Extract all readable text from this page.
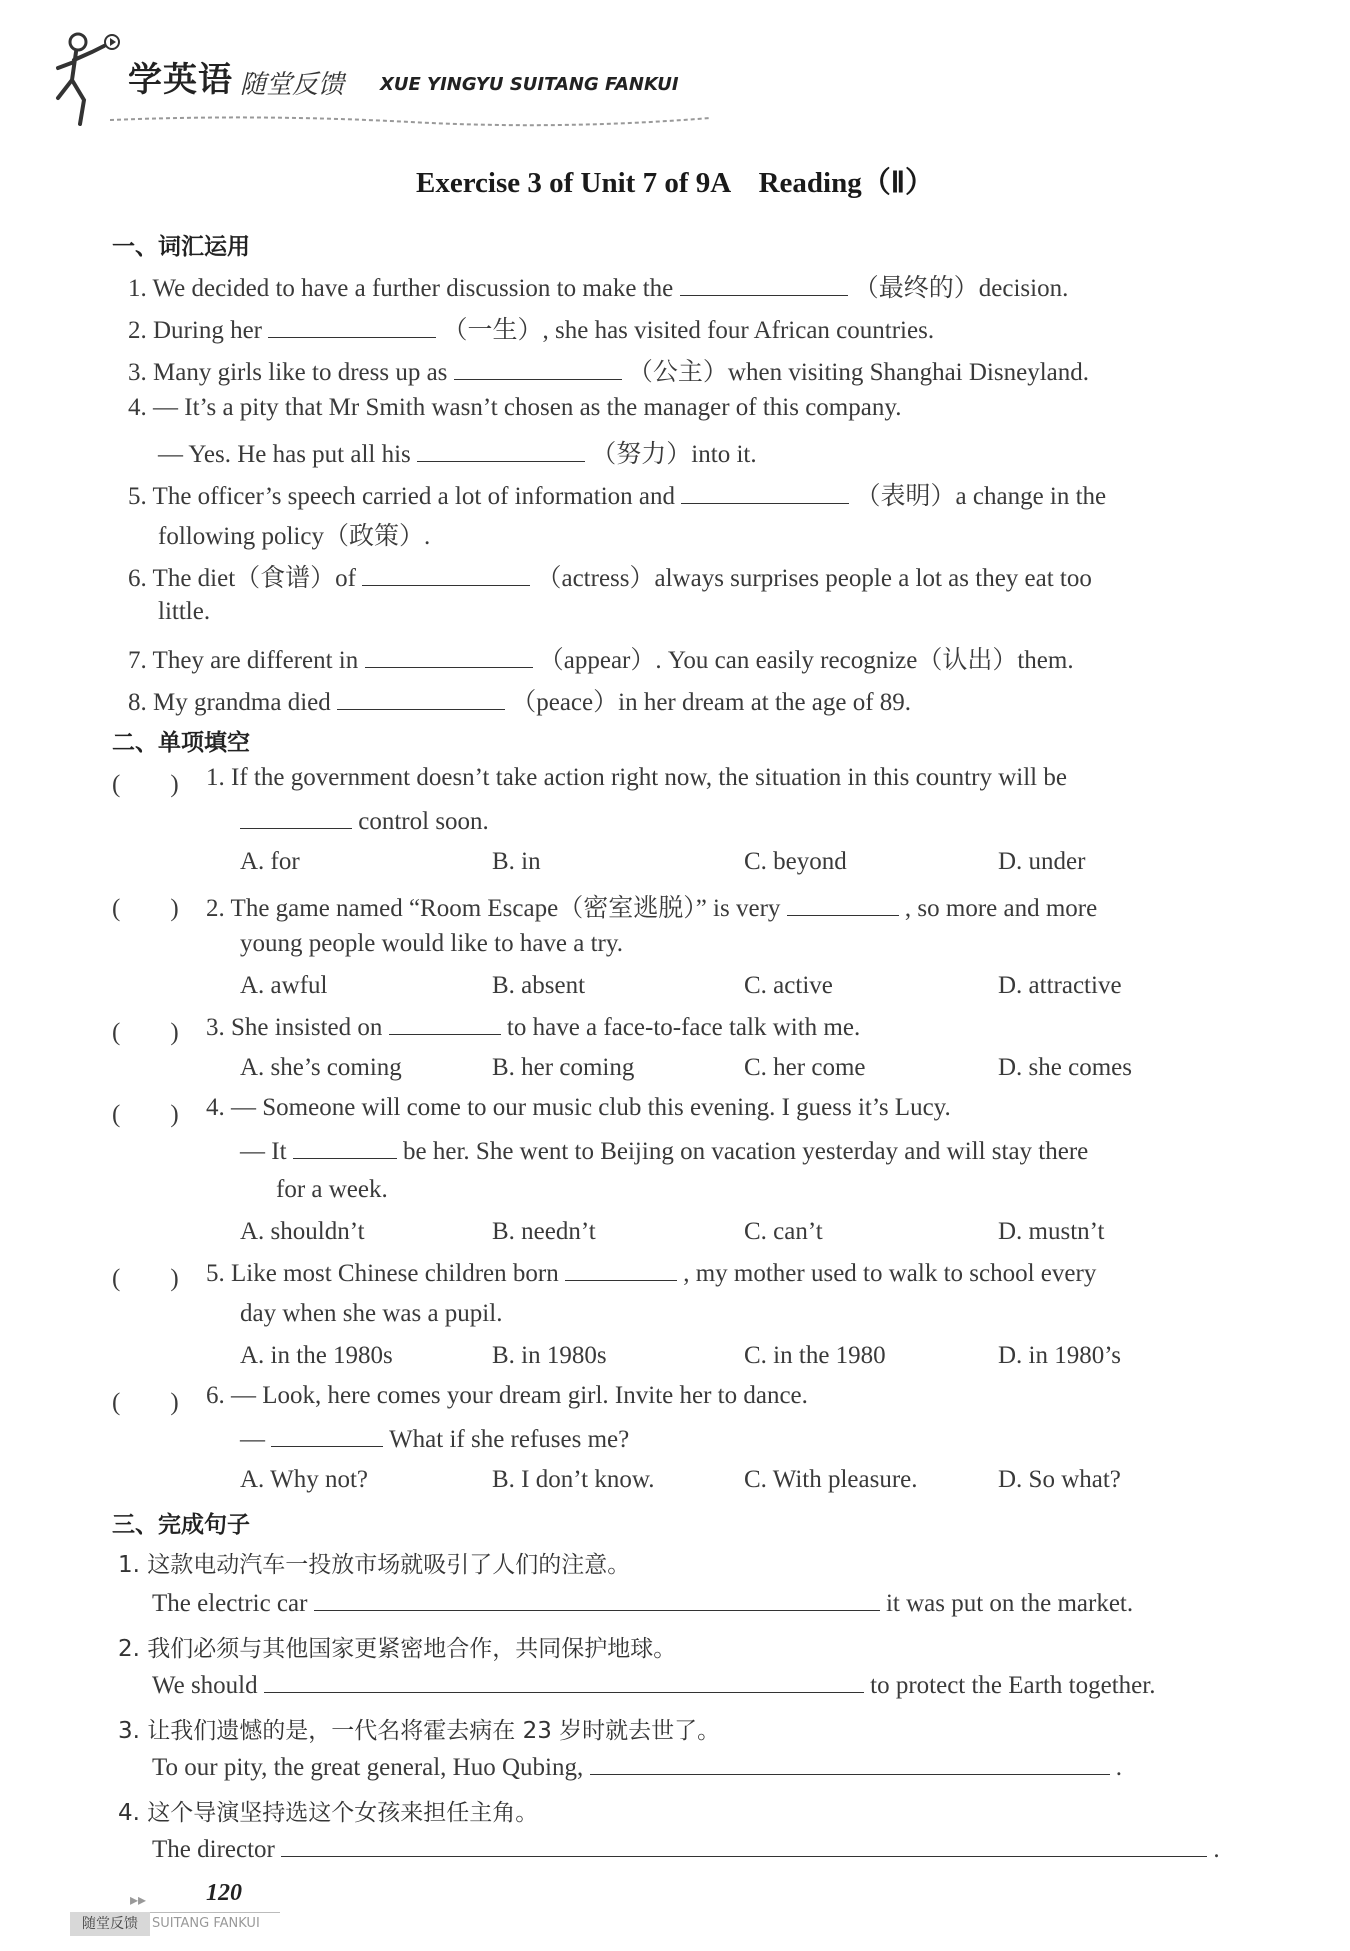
学英语 随堂反馈 XUE YINGYU SUITANG FANKUI
Exercise 3 of Unit 7 of 9A　Reading（Ⅱ）
一、词汇运用
1. We decided to have a further discussion to make the	（最终的）decision.
2. During her	（一生）, she has visited four African countries.
3. Many girls like to dress up as	（公主）when visiting Shanghai Disneyland.
4. — It’s a pity that Mr Smith wasn’t chosen as the manager of this company.
— Yes. He has put all his	（努力）into it.
5. The officer’s speech carried a lot of information and	（表明）a change in the
following policy（政策）.
6. The diet（食谱）of	（actress）always surprises people a lot as they eat too
little.
7. They are different in	（appear）. You can easily recognize（认出）them.
8. My grandma died	（peace）in her dream at the age of 89.
二、单项填空
(　　) 1. If the government doesn’t take action right now, the situation in this country will be
control soon.
A. for	B. in	C. beyond	D. under
(　　) 2. The game named “Room Escape（密室逃脱）” is very	, so more and more
young people would like to have a try.
A. awful	B. absent	C. active	D. attractive
(　　) 3. She insisted on	to have a face-to-face talk with me.
A. she’s coming	B. her coming	C. her come	D. she comes
(　　) 4. — Someone will come to our music club this evening. I guess it’s Lucy.
— It	be her. She went to Beijing on vacation yesterday and will stay there
for a week.
A. shouldn’t	B. needn’t	C. can’t	D. mustn’t
(　　) 5. Like most Chinese children born	, my mother used to walk to school every
day when she was a pupil.
A. in the 1980s	B. in 1980s	C. in the 1980	D. in 1980’s
(　　) 6. — Look, here comes your dream girl. Invite her to dance.
—	What if she refuses me?
A. Why not?	B. I don’t know.	C. With pleasure.	D. So what?
三、完成句子
1. 这款电动汽车一投放市场就吸引了人们的注意。
The electric car	it was put on the market.
2. 我们必须与其他国家更紧密地合作，共同保护地球。
We should	to protect the Earth together.
3. 让我们遗憾的是，一代名将霍去病在 23 岁时就去世了。
To our pity, the great general, Huo Qubing,	.
4. 这个导演坚持选这个女孩来担任主角。
The director	.
▸▸ 120
随堂反馈	SUITANG FANKUI
